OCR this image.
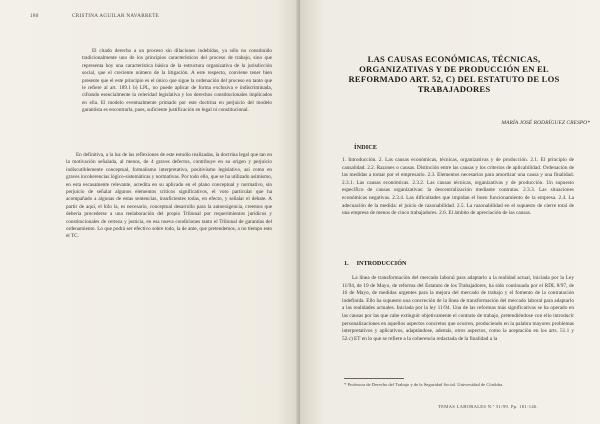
180	CRISTINA AGUILAR NAVARRETE

El citado derecho a un proceso sin dilaciones indebidas, ya sólo no constituido tradicionalmente uno de los principios característicos del proceso de trabajo, sino que representa hoy una característica básica de la estructura organizativa de la jurisdicción social, que el creciente número de la litigación. A este respecto, conviene tener bien presente que el este principio es el único que sigue la ordenación del proceso en tanto que le refiere al art. 189.1 b) LPL, no puede aplicar de forma exclusiva e indiscriminada, cifrando esencialmente la celeridad legislativa y los derechos constitucionales implicados en ella. El modelo eventualmente primado por este doctrina en perjuicio del modelo garantista es encontrarla, pues, suficiente justificación en legal ni constitucional.

En definitiva, a la luz de las reflexiones de este estudio realizadas, la doctrina legal que tan en la motivación señalada, al menos, de 4 graves defectos, contribuye en su origen y perjuicio indiscutiblemente conceptual, formalismo interpretativo, positivismo legislativo, así como en graves incoherencias lógico-sistemáticas y normativas. Por todo ello, que se ha utilizado asimismo, en esta escasamente relevante, acredita en su aplicado en el plano conceptual y normativo, sin perjuicio de señalar algunos elementos críticos significativos, el voto particular que ha acompañado a algunas de estas sentencias, insuficientes todas, en efecto, y señalar el debate. A partir de aquí, el hilo la, es necesario, conceptual desarrollo para la autoexigencia, creemos que debería procederse a una reelaboración del propio Tribunal por requerimientos jurídicos y constitucionales de certeza y justicia, en esa nueva condiciones tanto el Tribunal de garantías del ordenamiento. Lo que podrá ser efectivo sobre todo, la de ante, que pretendemos, a no tiempo esto el TC.

LAS CAUSAS ECONÓMICAS, TÉCNICAS, ORGANIZATIVAS Y DE PRODUCCIÓN EN EL REFORMADO ART. 52, C) DEL ESTATUTO DE LOS TRABAJADORES
MARÍA JOSÉ RODRÍGUEZ CRESPO*
ÍNDICE
1. Introducción. 2. Las causas económicas, técnicas, organizativas y de producción. 2.1. El principio de causalidad. 2.2. Razones o causas. Distinción entre las causas y los criterios de aplicabilidad. Ordenación de las medidas a tomar por el empresario. 2.3. Elementos necesarios para amortizar una causa y una finalidad. 2.3.1. Las causas económicas. 2.3.2. Las causas técnicas, organizativas y de producción. Un supuesto específico de causas organizativas: la descentralización mediante contratas. 2.3.3. Las situaciones económicas negativas. 2.3.4. Las dificultades que impidan el buen funcionamiento de la empresa. 2.4. La adecuación de la medida: el juicio de razonabilidad. 2.5. La razonabilidad en el supuesto de cierre total de una empresa de menos de cinco trabajadores. 2.6. El ámbito de apreciación de las causas.
1. INTRODUCCIÓN

La línea de transformación del mercado laboral para adaptarlo a la realidad actual, iniciada por la Ley 11/94, de 19 de Mayo, de reforma del Estatuto de los Trabajadores, ha sido continuada por el RDL 8/97, de 16 de Mayo, de medidas urgentes para la mejora del mercado de trabajo y el fomento de la contratación indefinida. Ello ha supuesto una concreción de la línea de transformación del mercado laboral para adaptarlo a las realidades actuales. Iniciada por la ley 11/94. Una de las reformas más significativas se ha operado en las causas por las que cabe extinguir objetivamente el contrato de trabajo, pretendiéndose con ello introducir personalizaciones en aquellos aspectos concretos que ocurren, produciendo en la palabra mayores problemas interpretativos y aplicativos, adaptándose, además, otros aspectos, como la aceptación en los arts. 51.1 y 52.c) ET en lo que se refiere a la coherencia redactada de la finalidad a la

* Profesora de Derecho del Trabajo y de la Seguridad Social. Universidad de Córdoba.
TEMAS LABORALES N.º 51/99. Pp. 181-146.
